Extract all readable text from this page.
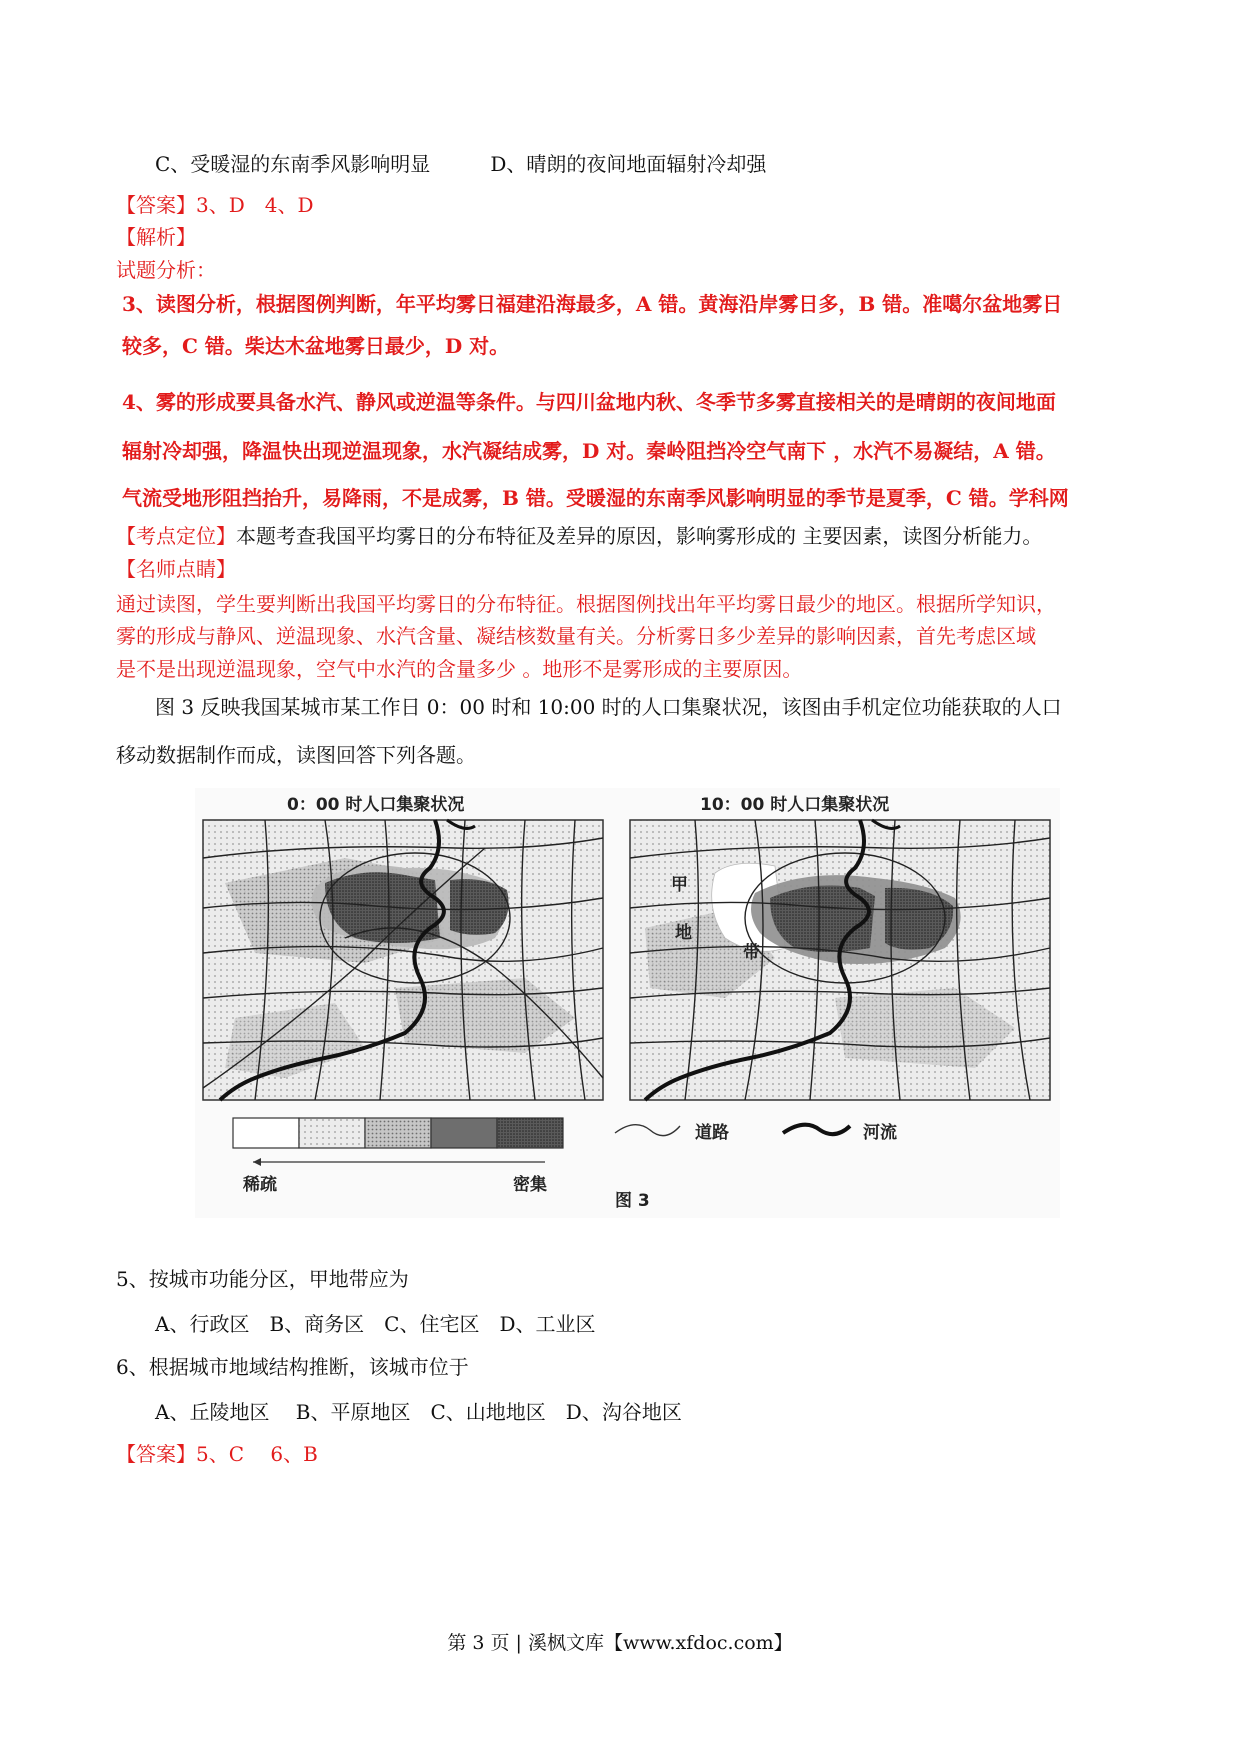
C、受暖湿的东南季风影响明显	D、晴朗的夜间地面辐射冷却强
【答案】3、D　4、D
【解析】
试题分析：
3、读图分析，根据图例判断，年平均雾日福建沿海最多，A 错。黄海沿岸雾日多，B 错。准噶尔盆地雾日
较多，C 错。柴达木盆地雾日最少，D 对。
4、雾的形成要具备水汽、静风或逆温等条件。与四川盆地内秋、冬季节多雾直接相关的是晴朗的夜间地面
辐射冷却强，降温快出现逆温现象，水汽凝结成雾，D 对。秦岭阻挡冷空气南下 ，水汽不易凝结，A 错。
气流受地形阻挡抬升，易降雨，不是成雾，B 错。受暖湿的东南季风影响明显的季节是夏季，C 错。学科网
【考点定位】本题考查我国平均雾日的分布特征及差异的原因，影响雾形成的 主要因素，读图分析能力。
【名师点睛】
通过读图，学生要判断出我国平均雾日的分布特征。根据图例找出年平均雾日最少的地区。根据所学知识，
雾的形成与静风、逆温现象、水汽含量、凝结核数量有关。分析雾日多少差异的影响因素，首先考虑区域
是不是出现逆温现象，空气中水汽的含量多少 。地形不是雾形成的主要原因。
图 3 反映我国某城市某工作日 0：00 时和 10:00 时的人口集聚状况，该图由手机定位功能获取的人口
移动数据制作而成，读图回答下列各题。
0：00 时人口集聚状况	10：00 时人口集聚状况
甲
地
带
稀疏	密集
道路	河流
图 3
5、按城市功能分区，甲地带应为
A、行政区　B、商务区　C、住宅区　D、工业区
6、根据城市地域结构推断，该城市位于
A、丘陵地区　 B、平原地区　C、山地地区　D、沟谷地区
【答案】5、C　 6、B
第 3 页 | 溪枫文库【www.xfdoc.com】
